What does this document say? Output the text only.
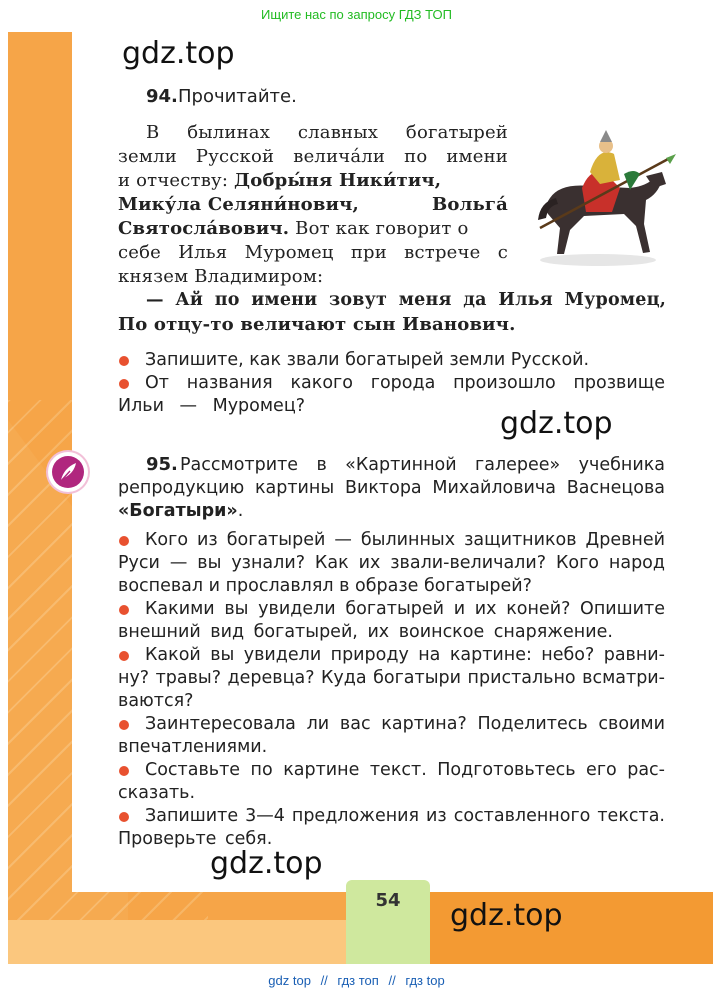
Ищите нас по запросу ГДЗ ТОП
gdz.top
gdz.top
gdz.top
gdz.top
94. Прочитайте.
В былинах славных богатырей
земли Русской велича́ли по имени
и отчеству: Добры́ня Ники́тич,
Мику́ла Селяни́нович,	Вольга́
Святосла́вович. Вот как говорит о
себе Илья Муромец при встрече с
князем Владимиром:
— Ай по имени зовут меня да Илья Муромец,
По отцу-то величают сын Иванович.
Запишите, как звали богатырей земли Русской.
От названия какого города произошло прозвище
Ильи — Муромец?
95. Рассмотрите в «Картинной галерее» учебника
репродукцию картины Виктора Михайловича Васнецова
«Богатыри».
Кого из богатырей — былинных защитников Древней
Руси — вы узнали? Как их звали-величали? Кого народ
воспевал и прославлял в образе богатырей?
Какими вы увидели богатырей и их коней? Опишите
внешний вид богатырей, их воинское снаряжение.
Какой вы увидели природу на картине: небо? равни-
ну? травы? деревца? Куда богатыри пристально всматри-
ваются?
Заинтересовала ли вас картина? Поделитесь своими
впечатлениями.
Составьте по картине текст. Подготовьтесь его рас-
сказать.
Запишите 3—4 предложения из составленного текста.
Проверьте себя.
54
gdz top // гдз топ // гдз top
